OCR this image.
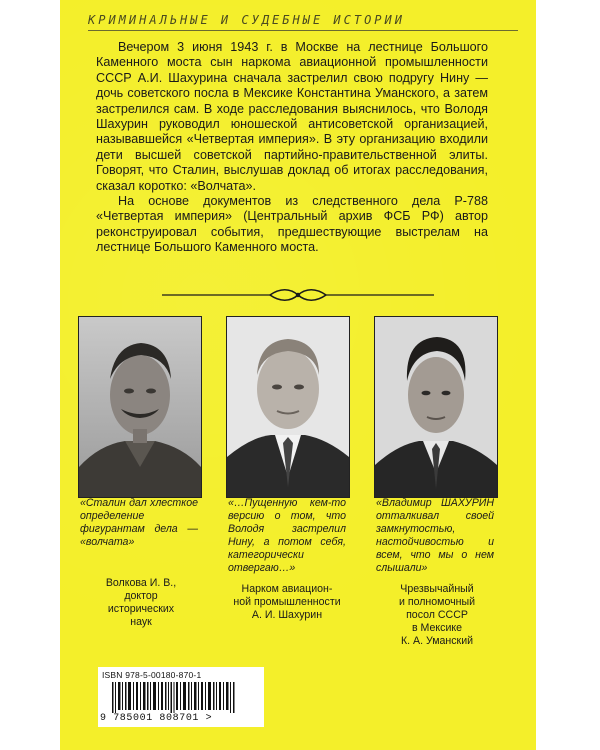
КРИМИНАЛЬНЫЕ И СУДЕБНЫЕ ИСТОРИИ

Вечером 3 июня 1943 г. в Москве на лестнице Большого Каменного моста сын наркома авиационной промышленности СССР А.И. Шахурина сначала застрелил свою подругу Нину — дочь советского посла в Мексике Константина Уманского, а затем застрелился сам. В ходе расследования выяснилось, что Володя Шахурин руководил юношеской антисоветской организацией, называвшейся «Четвертая империя». В эту организацию входили дети высшей советской партийно-правительственной элиты. Говорят, что Сталин, выслушав доклад об итогах расследования, сказал коротко: «Волчата».

На основе документов из следственного дела Р-788 «Четвертая империя» (Центральный архив ФСБ РФ) автор реконструировал события, предшествующие выстрелам на лестнице Большого Каменного моста.

«Сталин дал хлесткое определение фигурантам дела — «волчата»
«…Пущенную кем-то версию о том, что Володя застрелил Нину, а потом себя, категорически отвергаю…»
«Владимир ШАХУРИН отталкивал своей замкнутостью, настойчивостью и всем, что мы о нем слышали»
Волкова И. В.,
доктор
исторических
наук
Нарком авиацион-
ной промышленности
А. И. Шахурин
Чрезвычайный
и полномочный
посол СССР
в Мексике
К. А. Уманский
ISBN 978-5-00180-870-1
9 785001 808701 >
